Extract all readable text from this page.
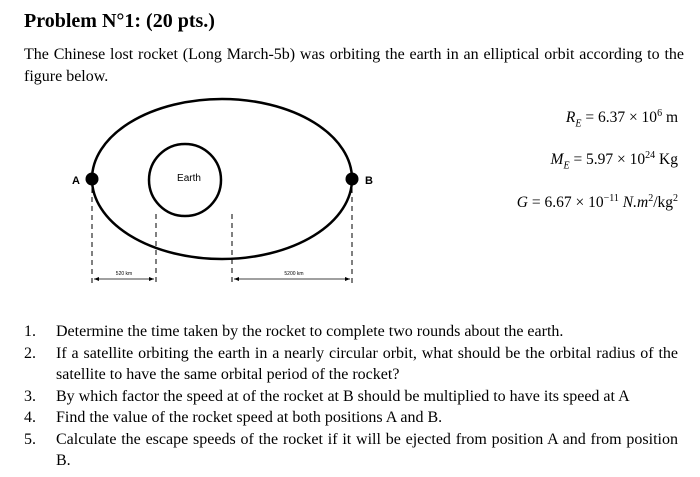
Problem N°1: (20 pts.)
The Chinese lost rocket (Long March-5b) was orbiting the earth in an elliptical orbit according to the figure below.
Earth
A	B
520 km	5200 km
$R_E = 6.37 \times 10^6$ m
$M_E = 5.97 \times 10^{24}$ Kg
$G = 6.67 \times 10^{-11}$ $N.m^2/kg^2$
1.	Determine the time taken by the rocket to complete two rounds about the earth.
2.	If a satellite orbiting the earth in a nearly circular orbit, what should be the orbital radius of the satellite to have the same orbital period of the rocket?
3.	By which factor the speed at of the rocket at B should be multiplied to have its speed at A
4.	Find the value of the rocket speed at both positions A and B.
5.	Calculate the escape speeds of the rocket if it will be ejected from position A and from position B.
